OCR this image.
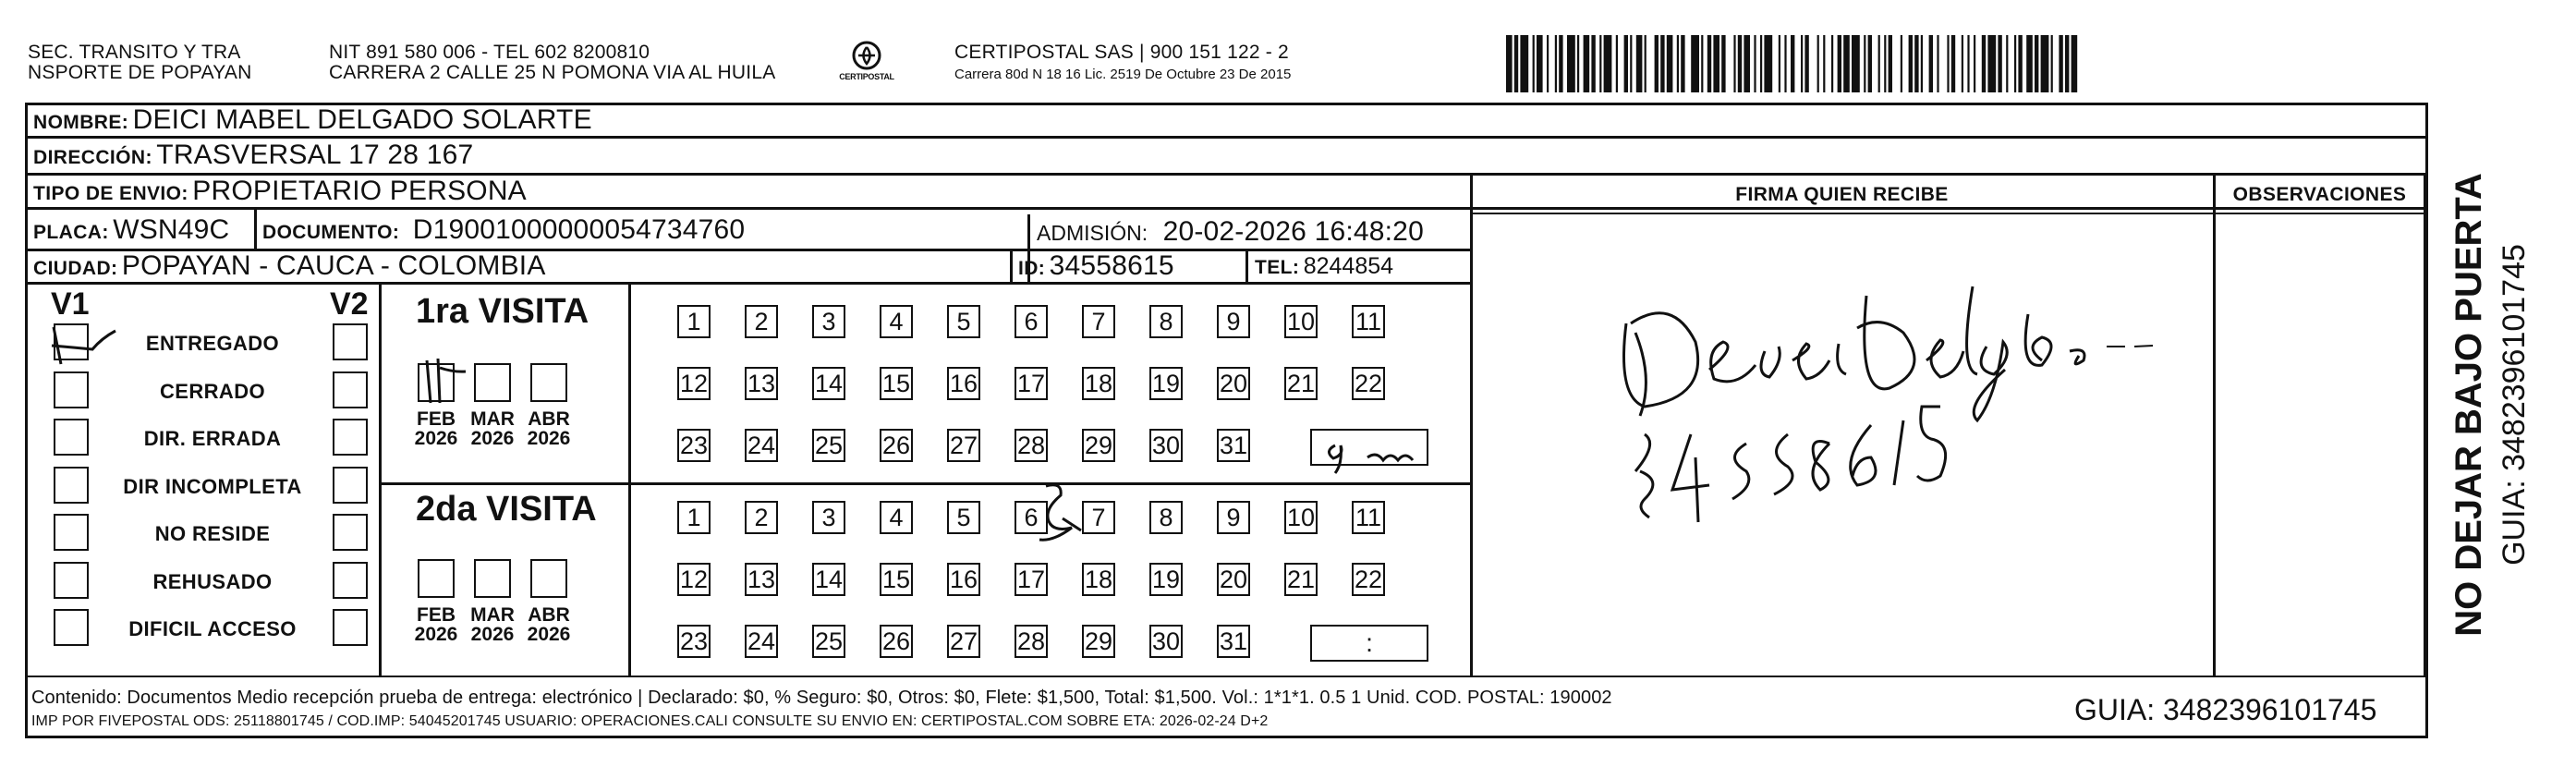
SEC. TRANSITO Y TRA
NSPORTE DE POPAYAN
NIT 891 580 006 - TEL 602 8200810
CARRERA 2 CALLE 25 N POMONA VIA AL HUILA	CERTIPOSTAL
CERTIPOSTAL SAS | 900 151 122 - 2
Carrera 80d N 18 16 Lic. 2519 De Octubre 23 De 2015
NOMBRE: DEICI MABEL DELGADO SOLARTE
DIRECCIÓN: TRASVERSAL 17 28 167
TIPO DE ENVIO: PROPIETARIO PERSONA
PLACA: WSN49C DOCUMENTO: D19001000000054734760	ADMISIÓN: 20-02-2026 16:48:20
CIUDAD: POPAYAN - CAUCA - COLOMBIA	ID: 34558615	TEL: 8244854
FIRMA QUIEN RECIBE	OBSERVACIONES
V1	V2
ENTREGADO
CERRADO
DIR. ERRADA
DIR INCOMPLETA
NO RESIDE
REHUSADO
DIFICIL ACCESO
1ra VISITA
2da VISITA
FEB
2026
MAR
2026
ABR
2026
FEB
2026
MAR
2026
ABR
2026
1	2	3	4	5	6	7	8	9	10 11
12 13 14 15 16 17 18 19 20 21 22
23 24 25 26 27 28 29 30 31
1	2	3	4	5	6	7	8	9	10 11
12 13 14 15 16 17 18 19 20 21 22
23 24 25 26 27 28 29 30 31	:
NO DEJAR BAJO PUERTA GUIA: 3482396101745
Contenido: Documentos Medio recepción prueba de entrega: electrónico | Declarado: $0, % Seguro: $0, Otros: $0, Flete: $1,500, Total: $1,500. Vol.: 1*1*1. 0.5 1 Unid. COD. POSTAL: 190002
IMP POR FIVEPOSTAL ODS: 25118801745 / COD.IMP: 54045201745 USUARIO: OPERACIONES.CALI CONSULTE SU ENVIO EN: CERTIPOSTAL.COM SOBRE ETA: 2026-02-24 D+2	GUIA: 3482396101745
